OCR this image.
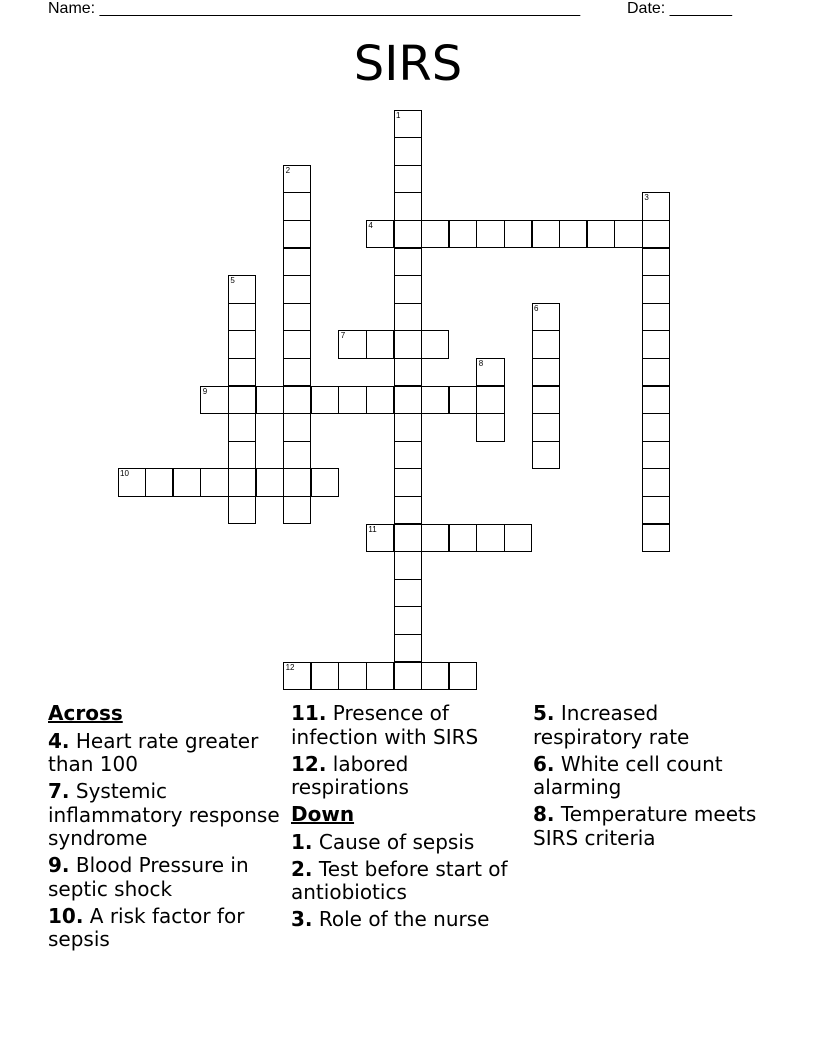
Name: ______________________________________________________	Date: _______
SIRS
1
2
3
4
5
6
7
8
9
10
11
12
Across
4. Heart rate greater than 100
7. Systemic inflammatory response syndrome
9. Blood Pressure in septic shock
10. A risk factor for sepsis
11. Presence of infection with SIRS
12. labored respirations
Down
1. Cause of sepsis
2. Test before start of antiobiotics
3. Role of the nurse
5. Increased respiratory rate
6. White cell count alarming
8. Temperature meets SIRS criteria
